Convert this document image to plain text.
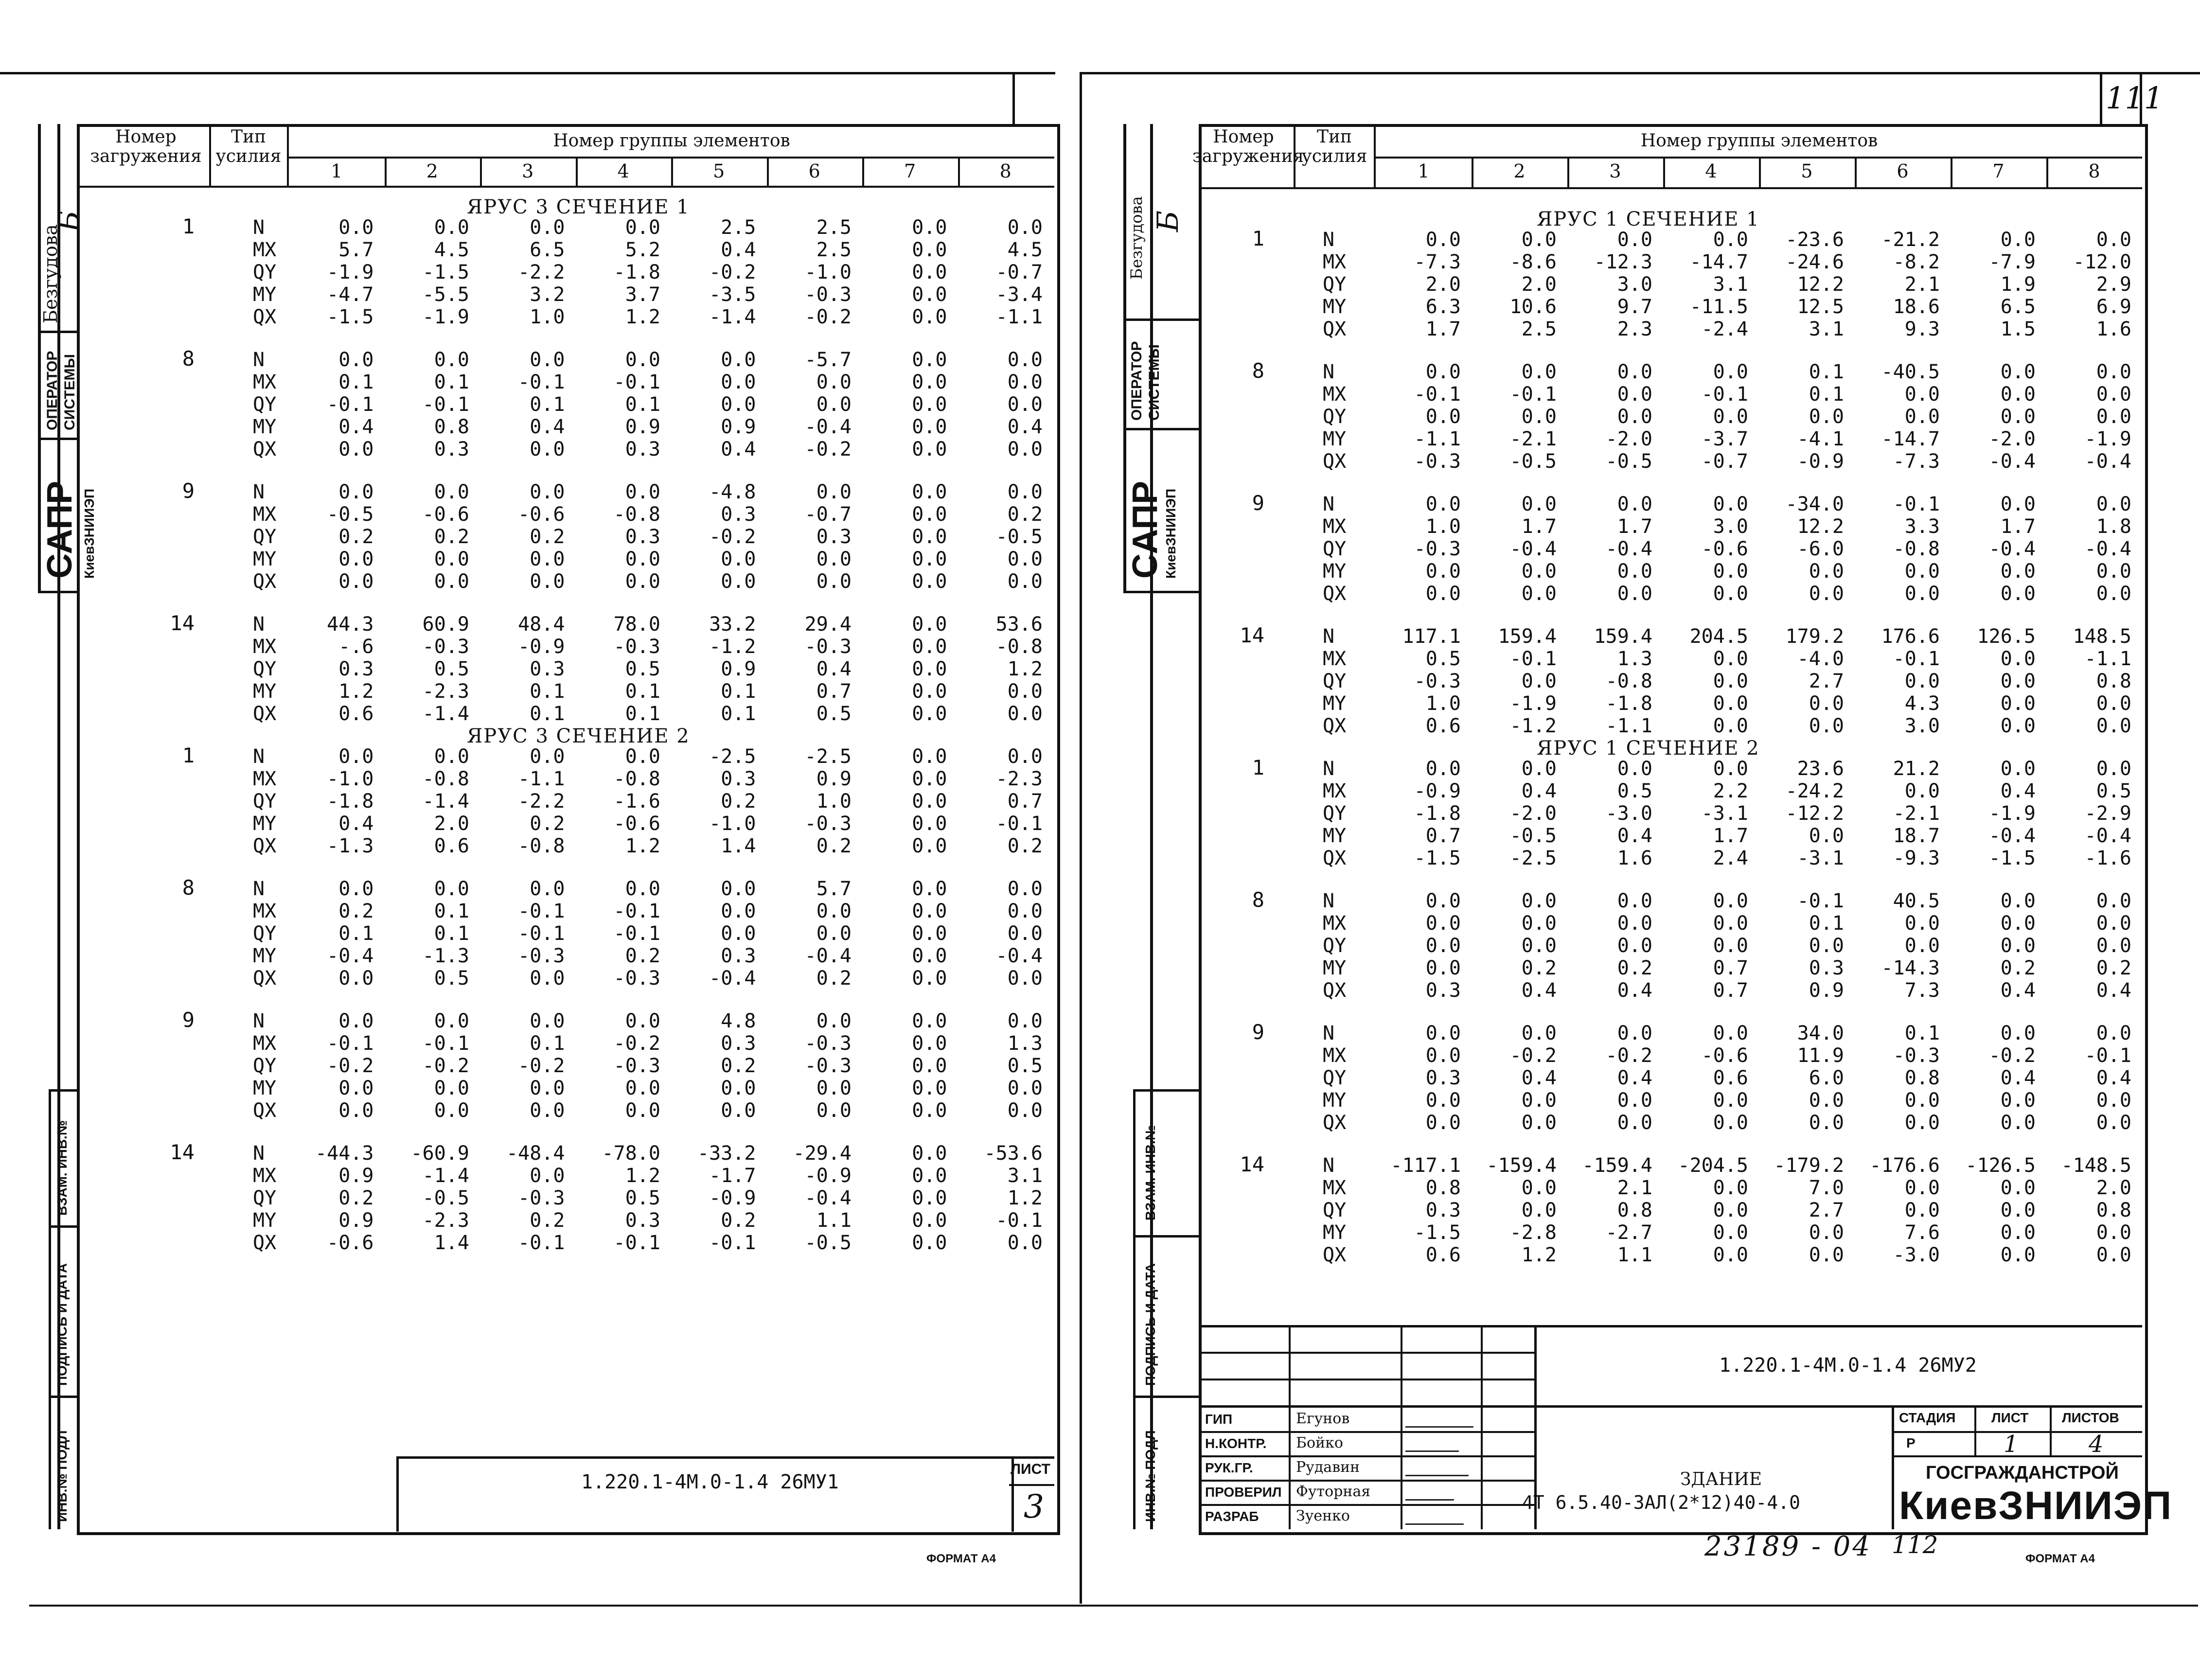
Безгудова
Б
ОПЕРАТОР СИСТЕМЫ
САПР КиевЗНИИЭП
ВЗАМ. ИНВ.№
ПОДПИСЬ И ДАТА
ИНВ.№ ПОДЛ
Номер загружения
Тип усилия
Номер группы элементов
1	2	3	4	5	6	7	8
ЯРУС 3 СЕЧЕНИЕ 1
1	N	0.0	0.0	0.0	0.0	2.5	2.5	0.0	0.0
MX	5.7	4.5	6.5	5.2	0.4	2.5	0.0	4.5
QY	-1.9	-1.5	-2.2	-1.8	-0.2	-1.0	0.0	-0.7
MY	-4.7	-5.5	3.2	3.7	-3.5	-0.3	0.0	-3.4
QX	-1.5	-1.9	1.0	1.2	-1.4	-0.2	0.0	-1.1
8	N	0.0	0.0	0.0	0.0	0.0	-5.7	0.0	0.0
MX	0.1	0.1	-0.1	-0.1	0.0	0.0	0.0	0.0
QY	-0.1	-0.1	0.1	0.1	0.0	0.0	0.0	0.0
MY	0.4	0.8	0.4	0.9	0.9	-0.4	0.0	0.4
QX	0.0	0.3	0.0	0.3	0.4	-0.2	0.0	0.0
9	N	0.0	0.0	0.0	0.0	-4.8	0.0	0.0	0.0
MX	-0.5	-0.6	-0.6	-0.8	0.3	-0.7	0.0	0.2
QY	0.2	0.2	0.2	0.3	-0.2	0.3	0.0	-0.5
MY	0.0	0.0	0.0	0.0	0.0	0.0	0.0	0.0
QX	0.0	0.0	0.0	0.0	0.0	0.0	0.0	0.0
14	N	44.3	60.9	48.4	78.0	33.2	29.4	0.0	53.6
MX	-.6	-0.3	-0.9	-0.3	-1.2	-0.3	0.0	-0.8
QY	0.3	0.5	0.3	0.5	0.9	0.4	0.0	1.2
MY	1.2	-2.3	0.1	0.1	0.1	0.7	0.0	0.0
QX	0.6	-1.4	0.1	0.1	0.1	0.5	0.0	0.0
ЯРУС 3 СЕЧЕНИЕ 2
1	N	0.0	0.0	0.0	0.0	-2.5	-2.5	0.0	0.0
MX	-1.0	-0.8	-1.1	-0.8	0.3	0.9	0.0	-2.3
QY	-1.8	-1.4	-2.2	-1.6	0.2	1.0	0.0	0.7
MY	0.4	2.0	0.2	-0.6	-1.0	-0.3	0.0	-0.1
QX	-1.3	0.6	-0.8	1.2	1.4	0.2	0.0	0.2
8	N	0.0	0.0	0.0	0.0	0.0	5.7	0.0	0.0
MX	0.2	0.1	-0.1	-0.1	0.0	0.0	0.0	0.0
QY	0.1	0.1	-0.1	-0.1	0.0	0.0	0.0	0.0
MY	-0.4	-1.3	-0.3	0.2	0.3	-0.4	0.0	-0.4
QX	0.0	0.5	0.0	-0.3	-0.4	0.2	0.0	0.0
9	N	0.0	0.0	0.0	0.0	4.8	0.0	0.0	0.0
MX	-0.1	-0.1	0.1	-0.2	0.3	-0.3	0.0	1.3
QY	-0.2	-0.2	-0.2	-0.3	0.2	-0.3	0.0	0.5
MY	0.0	0.0	0.0	0.0	0.0	0.0	0.0	0.0
QX	0.0	0.0	0.0	0.0	0.0	0.0	0.0	0.0
14	N	-44.3	-60.9	-48.4	-78.0	-33.2	-29.4	0.0	-53.6
MX	0.9	-1.4	0.0	1.2	-1.7	-0.9	0.0	3.1
QY	0.2	-0.5	-0.3	0.5	-0.9	-0.4	0.0	1.2
MY	0.9	-2.3	0.2	0.3	0.2	1.1	0.0	-0.1
QX	-0.6	1.4	-0.1	-0.1	-0.1	-0.5	0.0	0.0
1.220.1-4М.0-1.4 26МУ1
ЛИСТ
3
ФОРМАТ А4
111
Безгудова Б
ОПЕРАТОР СИСТЕМЫ
САПР
КиевЗНИИЭП
ВЗАМ. ИНВ.№
ПОДПИСЬ И ДАТА
ИНВ.№ ПОДЛ
Номер загружения
Тип усилия
Номер группы элементов
1	2	3	4	5	6	7	8
ЯРУС 1 СЕЧЕНИЕ 1
1	N	0.0	0.0	0.0	0.0	-23.6	-21.2	0.0	0.0
MX	-7.3	-8.6	-12.3	-14.7	-24.6	-8.2	-7.9	-12.0
QY	2.0	2.0	3.0	3.1	12.2	2.1	1.9	2.9
MY	6.3	10.6	9.7	-11.5	12.5	18.6	6.5	6.9
QX	1.7	2.5	2.3	-2.4	3.1	9.3	1.5	1.6
8	N	0.0	0.0	0.0	0.0	0.1	-40.5	0.0	0.0
MX	-0.1	-0.1	0.0	-0.1	0.1	0.0	0.0	0.0
QY	0.0	0.0	0.0	0.0	0.0	0.0	0.0	0.0
MY	-1.1	-2.1	-2.0	-3.7	-4.1	-14.7	-2.0	-1.9
QX	-0.3	-0.5	-0.5	-0.7	-0.9	-7.3	-0.4	-0.4
9	N	0.0	0.0	0.0	0.0	-34.0	-0.1	0.0	0.0
MX	1.0	1.7	1.7	3.0	12.2	3.3	1.7	1.8
QY	-0.3	-0.4	-0.4	-0.6	-6.0	-0.8	-0.4	-0.4
MY	0.0	0.0	0.0	0.0	0.0	0.0	0.0	0.0
QX	0.0	0.0	0.0	0.0	0.0	0.0	0.0	0.0
14	N	117.1	159.4	159.4	204.5	179.2	176.6	126.5	148.5
MX	0.5	-0.1	1.3	0.0	-4.0	-0.1	0.0	-1.1
QY	-0.3	0.0	-0.8	0.0	2.7	0.0	0.0	0.8
MY	1.0	-1.9	-1.8	0.0	0.0	4.3	0.0	0.0
QX	0.6	-1.2	-1.1	0.0	0.0	3.0	0.0	0.0
ЯРУС 1 СЕЧЕНИЕ 2
1	N	0.0	0.0	0.0	0.0	23.6	21.2	0.0	0.0
MX	-0.9	0.4	0.5	2.2	-24.2	0.0	0.4	0.5
QY	-1.8	-2.0	-3.0	-3.1	-12.2	-2.1	-1.9	-2.9
MY	0.7	-0.5	0.4	1.7	0.0	18.7	-0.4	-0.4
QX	-1.5	-2.5	1.6	2.4	-3.1	-9.3	-1.5	-1.6
8	N	0.0	0.0	0.0	0.0	-0.1	40.5	0.0	0.0
MX	0.0	0.0	0.0	0.0	0.1	0.0	0.0	0.0
QY	0.0	0.0	0.0	0.0	0.0	0.0	0.0	0.0
MY	0.0	0.2	0.2	0.7	0.3	-14.3	0.2	0.2
QX	0.3	0.4	0.4	0.7	0.9	7.3	0.4	0.4
9	N	0.0	0.0	0.0	0.0	34.0	0.1	0.0	0.0
MX	0.0	-0.2	-0.2	-0.6	11.9	-0.3	-0.2	-0.1
QY	0.3	0.4	0.4	0.6	6.0	0.8	0.4	0.4
MY	0.0	0.0	0.0	0.0	0.0	0.0	0.0	0.0
QX	0.0	0.0	0.0	0.0	0.0	0.0	0.0	0.0
14	N	-117.1	-159.4	-159.4	-204.5	-179.2	-176.6	-126.5	-148.5
MX	0.8	0.0	2.1	0.0	7.0	0.0	0.0	2.0
QY	0.3	0.0	0.8	0.0	2.7	0.0	0.0	0.8
MY	-1.5	-2.8	-2.7	0.0	0.0	7.6	0.0	0.0
QX	0.6	1.2	1.1	0.0	0.0	-3.0	0.0	0.0
1.220.1-4М.0-1.4 26МУ2
ЗДАНИЕ
4Т 6.5.40-ЗАЛ(2*12)40-4.0
СТАДИЯ	ЛИСТ ЛИСТОВ
Р	1	4
ГОСГРАЖДАНСТРОЙ
КиевЗНИИЭП
ГИП
Н.КОНТР.
РУК.ГР.
ПРОВЕРИЛ
РАЗРАБ
Егунов
Бойко
Рудавин
Футорная
Зуенко
23189 - 04 112	ФОРМАТ А4
